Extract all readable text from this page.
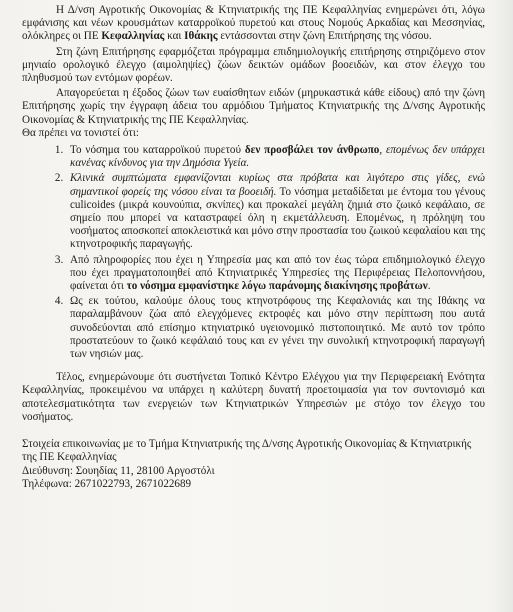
Η Δ/νση Αγροτικής Οικονομίας & Κτηνιατρικής της ΠΕ Κεφαλληνίας ενημερώνει ότι, λόγω εμφάνισης και νέων κρουσμάτων καταρροϊκού πυρετού και στους Νομούς Αρκαδίας και Μεσσηνίας, ολόκληρες οι ΠΕ Κεφαλληνίας και Ιθάκης εντάσσονται στην ζώνη Επιτήρησης της νόσου.

Στη ζώνη Επιτήρησης εφαρμόζεται πρόγραμμα επιδημιολογικής επιτήρησης στηριζόμενο στον μηνιαίο ορολογικό έλεγχο (αιμοληψίες) ζώων δεικτών ομάδων βοοειδών, και στον έλεγχο του πληθυσμού των εντόμων φορέων.

Απαγορεύεται η έξοδος ζώων των ευαίσθητων ειδών (μηρυκαστικά κάθε είδους) από την ζώνη Επιτήρησης χωρίς την έγγραφη άδεια του αρμόδιου Τμήματος Κτηνιατρικής της Δ/νσης Αγροτικής Οικονομίας & Κτηνιατρικής της ΠΕ Κεφαλληνίας.

Θα πρέπει να τονιστεί ότι:

1. Το νόσημα του καταρροϊκού πυρετού δεν προσβάλει τον άνθρωπο, επομένως δεν υπάρχει κανένας κίνδυνος για την Δημόσια Υγεία.
2. Κλινικά συμπτώματα εμφανίζονται κυρίως στα πρόβατα και λιγότερο στις γίδες, ενώ σημαντικοί φορείς της νόσου είναι τα βοοειδή. Το νόσημα μεταδίδεται με έντομα του γένους culicoides (μικρά κουνούπια, σκνίπες) και προκαλεί μεγάλη ζημιά στο ζωικό κεφάλαιο, σε σημείο που μπορεί να καταστραφεί όλη η εκμετάλλευση. Επομένως, η πρόληψη του νοσήματος αποσκοπεί αποκλειστικά και μόνο στην προστασία του ζωικού κεφαλαίου και της κτηνοτροφικής παραγωγής.
3. Από πληροφορίες που έχει η Υπηρεσία μας και από τον έως τώρα επιδημιολογικό έλεγχο που έχει πραγματοποιηθεί από Κτηνιατρικές Υπηρεσίες της Περιφέρειας Πελοποννήσου, φαίνεται ότι το νόσημα εμφανίστηκε λόγω παράνομης διακίνησης προβάτων.
4. Ως εκ τούτου, καλούμε όλους τους κτηνοτρόφους της Κεφαλονιάς και της Ιθάκης να παραλαμβάνουν ζώα από ελεγχόμενες εκτροφές και μόνο στην περίπτωση που αυτά συνοδεύονται από επίσημο κτηνιατρικό υγειονομικό πιστοποιητικό. Με αυτό τον τρόπο προστατεύουν το ζωικό κεφάλαιό τους και εν γένει την συνολική κτηνοτροφική παραγωγή των νησιών μας.

Τέλος, ενημερώνουμε ότι συστήνεται Τοπικό Κέντρο Ελέγχου για την Περιφερειακή Ενότητα Κεφαλληνίας, προκειμένου να υπάρχει η καλύτερη δυνατή προετοιμασία για τον συντονισμό και αποτελεσματικότητα των ενεργειών των Κτηνιατρικών Υπηρεσιών με στόχο τον έλεγχο του νοσήματος.

Στοιχεία επικοινωνίας με το Τμήμα Κτηνιατρικής της Δ/νσης Αγροτικής Οικονομίας & Κτηνιατρικής της ΠΕ Κεφαλληνίας

Διεύθυνση: Σουηδίας 11, 28100 Αργοστόλι

Τηλέφωνα: 2671022793, 2671022689
